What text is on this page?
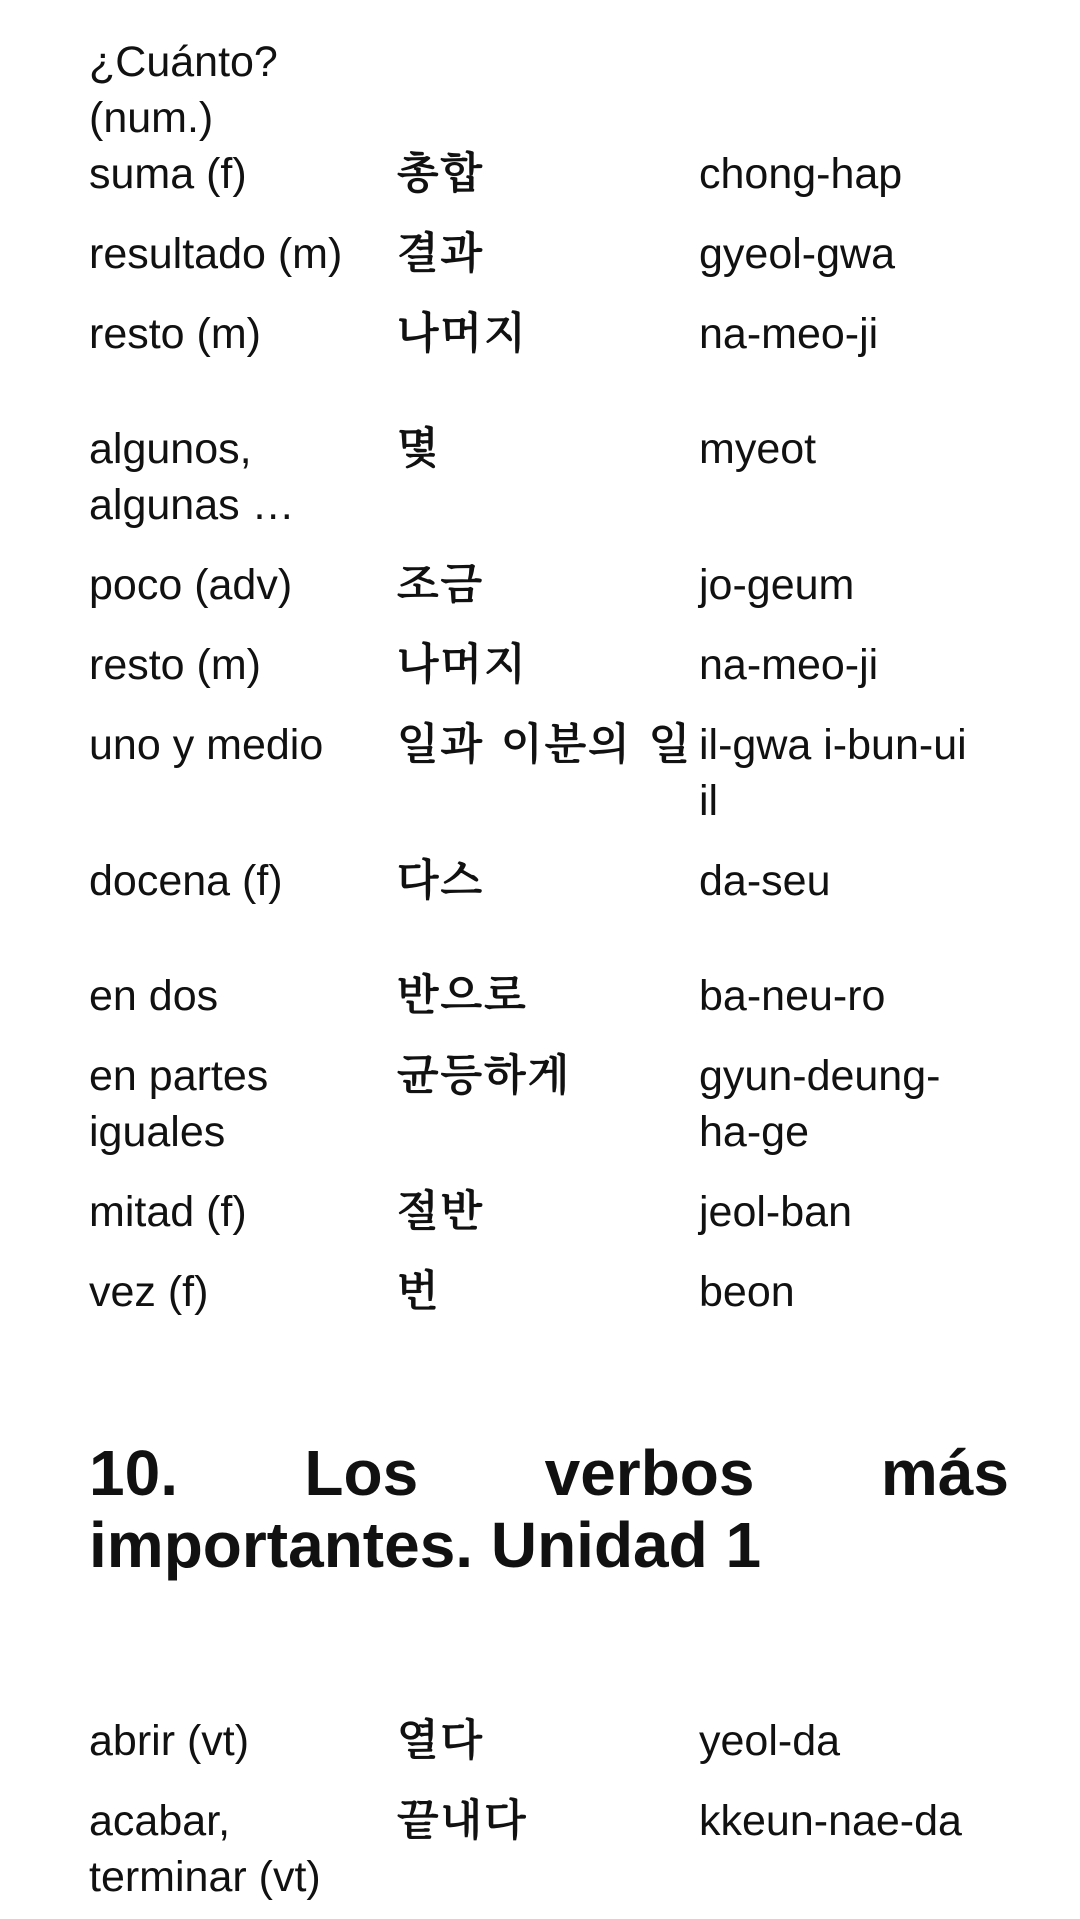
¿Cuánto? (num.)		
suma (f)	총합	chong-hap
resultado (m)	결과	gyeol-gwa
resto (m)	나머지	na-meo-ji
algunos, algunas …	몇	myeot
poco (adv)	조금	jo-geum
resto (m)	나머지	na-meo-ji
uno y medio	일과 이분의 일	il-gwa i-bun-ui il
docena (f)	다스	da-seu
en dos	반으로	ba-neu-ro
en partes iguales	균등하게	gyun-deung-ha-ge
mitad (f)	절반	jeol-ban
vez (f)	번	beon
10. Los verbos más importantes. Unidad 1
abrir (vt)	열다	yeol-da
acabar, terminar (vt)	끝내다	kkeun-nae-da
